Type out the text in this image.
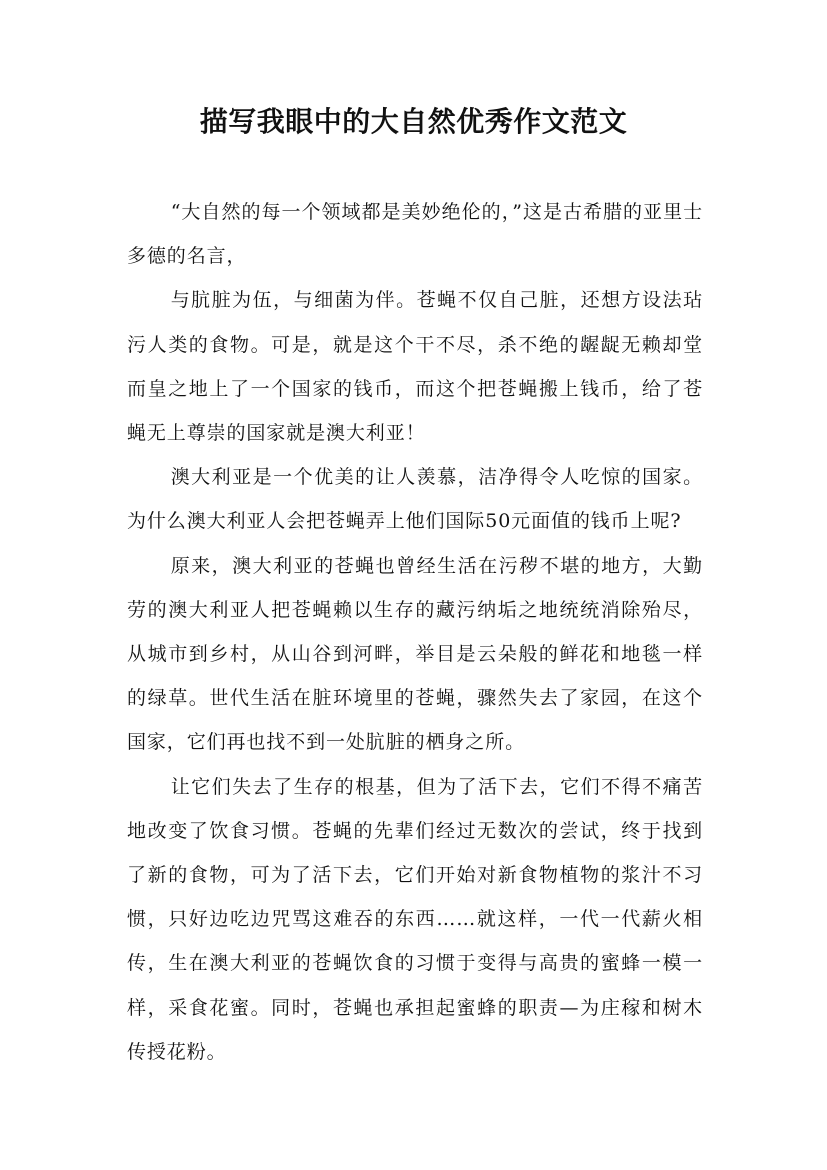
描写我眼中的大自然优秀作文范文

“大自然的每一个领域都是美妙绝伦的，”这是古希腊的亚里士多德的名言，

与肮脏为伍，与细菌为伴。苍蝇不仅自己脏，还想方设法玷污人类的食物。可是，就是这个干不尽，杀不绝的龌龊无赖却堂而皇之地上了一个国家的钱币，而这个把苍蝇搬上钱币，给了苍蝇无上尊崇的国家就是澳大利亚！

澳大利亚是一个优美的让人羡慕，洁净得令人吃惊的国家。为什么澳大利亚人会把苍蝇弄上他们国际50元面值的钱币上呢?

原来，澳大利亚的苍蝇也曾经生活在污秽不堪的地方，大勤劳的澳大利亚人把苍蝇赖以生存的藏污纳垢之地统统消除殆尽，从城市到乡村，从山谷到河畔，举目是云朵般的鲜花和地毯一样的绿草。世代生活在脏环境里的苍蝇，骤然失去了家园，在这个国家，它们再也找不到一处肮脏的栖身之所。

让它们失去了生存的根基，但为了活下去，它们不得不痛苦地改变了饮食习惯。苍蝇的先辈们经过无数次的尝试，终于找到了新的食物，可为了活下去，它们开始对新食物植物的浆汁不习惯，只好边吃边咒骂这难吞的东西……就这样，一代一代薪火相传，生在澳大利亚的苍蝇饮食的习惯于变得与高贵的蜜蜂一模一样，采食花蜜。同时，苍蝇也承担起蜜蜂的职责—为庄稼和树木传授花粉。
